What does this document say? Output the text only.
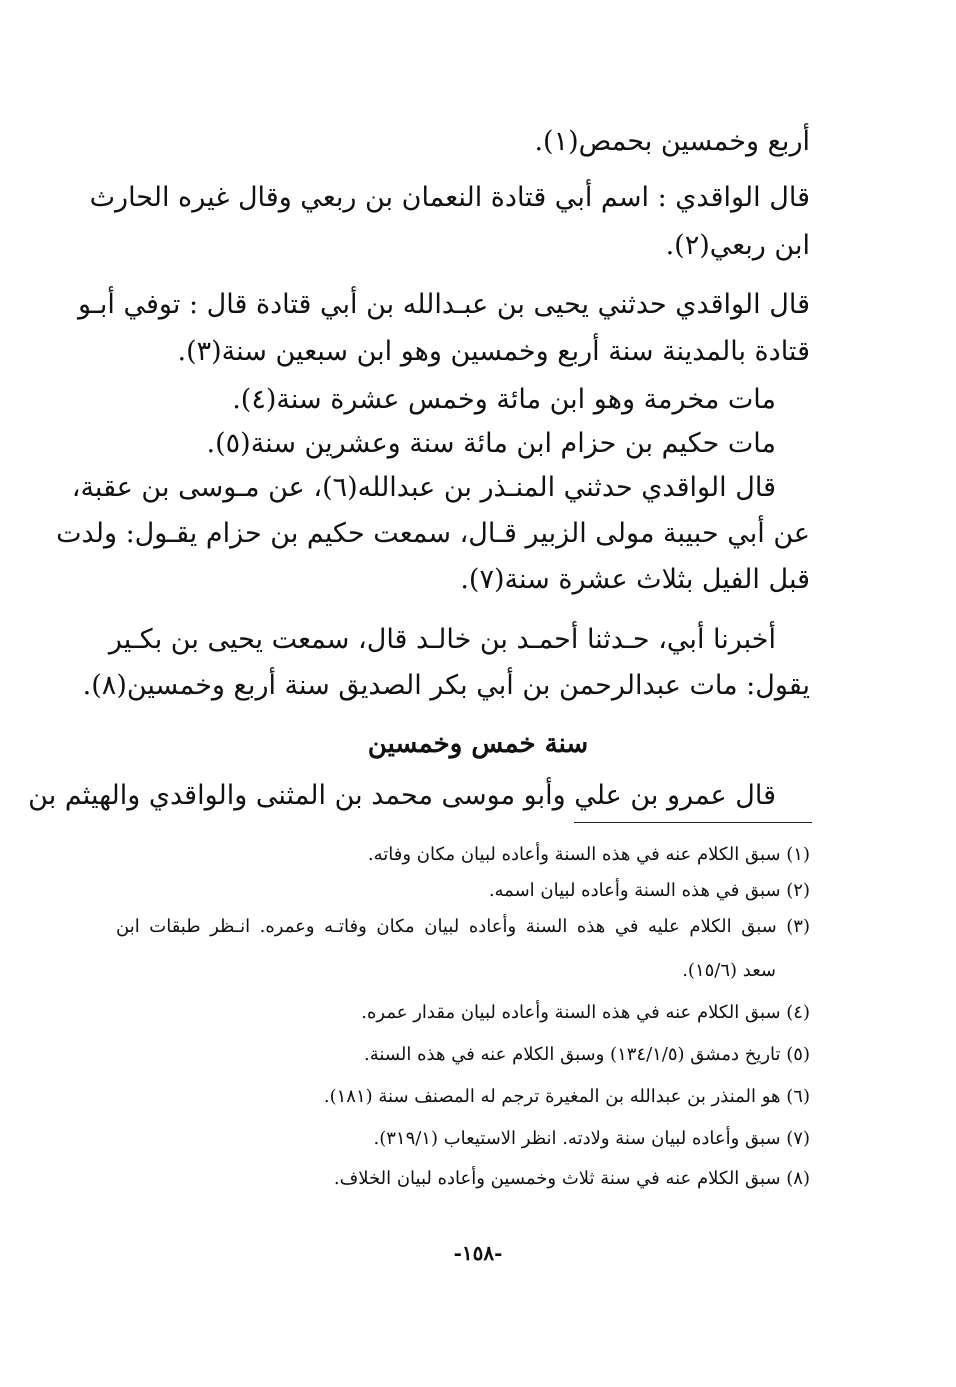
أربع وخمسين بحمص(١).
قال الواقدي : اسم أبي قتادة النعمان بن ربعي وقال غيره الحارث
ابن ربعي(٢).
قال الواقدي حدثني يحيى بن عبـدالله بن أبي قتادة قال : توفي أبـو
قتادة بالمدينة سنة أربع وخمسين وهو ابن سبعين سنة(٣).
مات مخرمة وهو ابن مائة وخمس عشرة سنة(٤).
مات حكيم بن حزام ابن مائة سنة وعشرين سنة(٥).
قال الواقدي حدثني المنـذر بن عبدالله(٦)، عن مـوسى بن عقبة،
عن أبي حبيبة مولى الزبير قـال، سمعت حكيم بن حزام يقـول: ولدت
قبل الفيل بثلاث عشرة سنة(٧).
أخبرنا أبي، حـدثنا أحمـد بن خالـد قال، سمعت يحيى بن بكـير
يقول: مات عبدالرحمن بن أبي بكر الصديق سنة أربع وخمسين(٨).
سنة خمس وخمسين
قال عمرو بن علي وأبو موسى محمد بن المثنى والواقدي والهيثم بن
(١) سبق الكلام عنه في هذه السنة وأعاده لبيان مكان وفاته.
(٢) سبق في هذه السنة وأعاده لبيان اسمه.
(٣) سبق الكلام عليه في هذه السنة وأعاده لبيان مكان وفاتـه وعمره. انـظر طبقات ابن
سعد (١٥/٦).
(٤) سبق الكلام عنه في هذه السنة وأعاده لبيان مقدار عمره.
(٥) تاريخ دمشق (١٣٤/١/٥) وسبق الكلام عنه في هذه السنة.
(٦) هو المنذر بن عبدالله بن المغيرة ترجم له المصنف سنة (١٨١).
(٧) سبق وأعاده لبيان سنة ولادته. انظر الاستيعاب (٣١٩/١).
(٨) سبق الكلام عنه في سنة ثلاث وخمسين وأعاده لبيان الخلاف.
-١٥٨-
